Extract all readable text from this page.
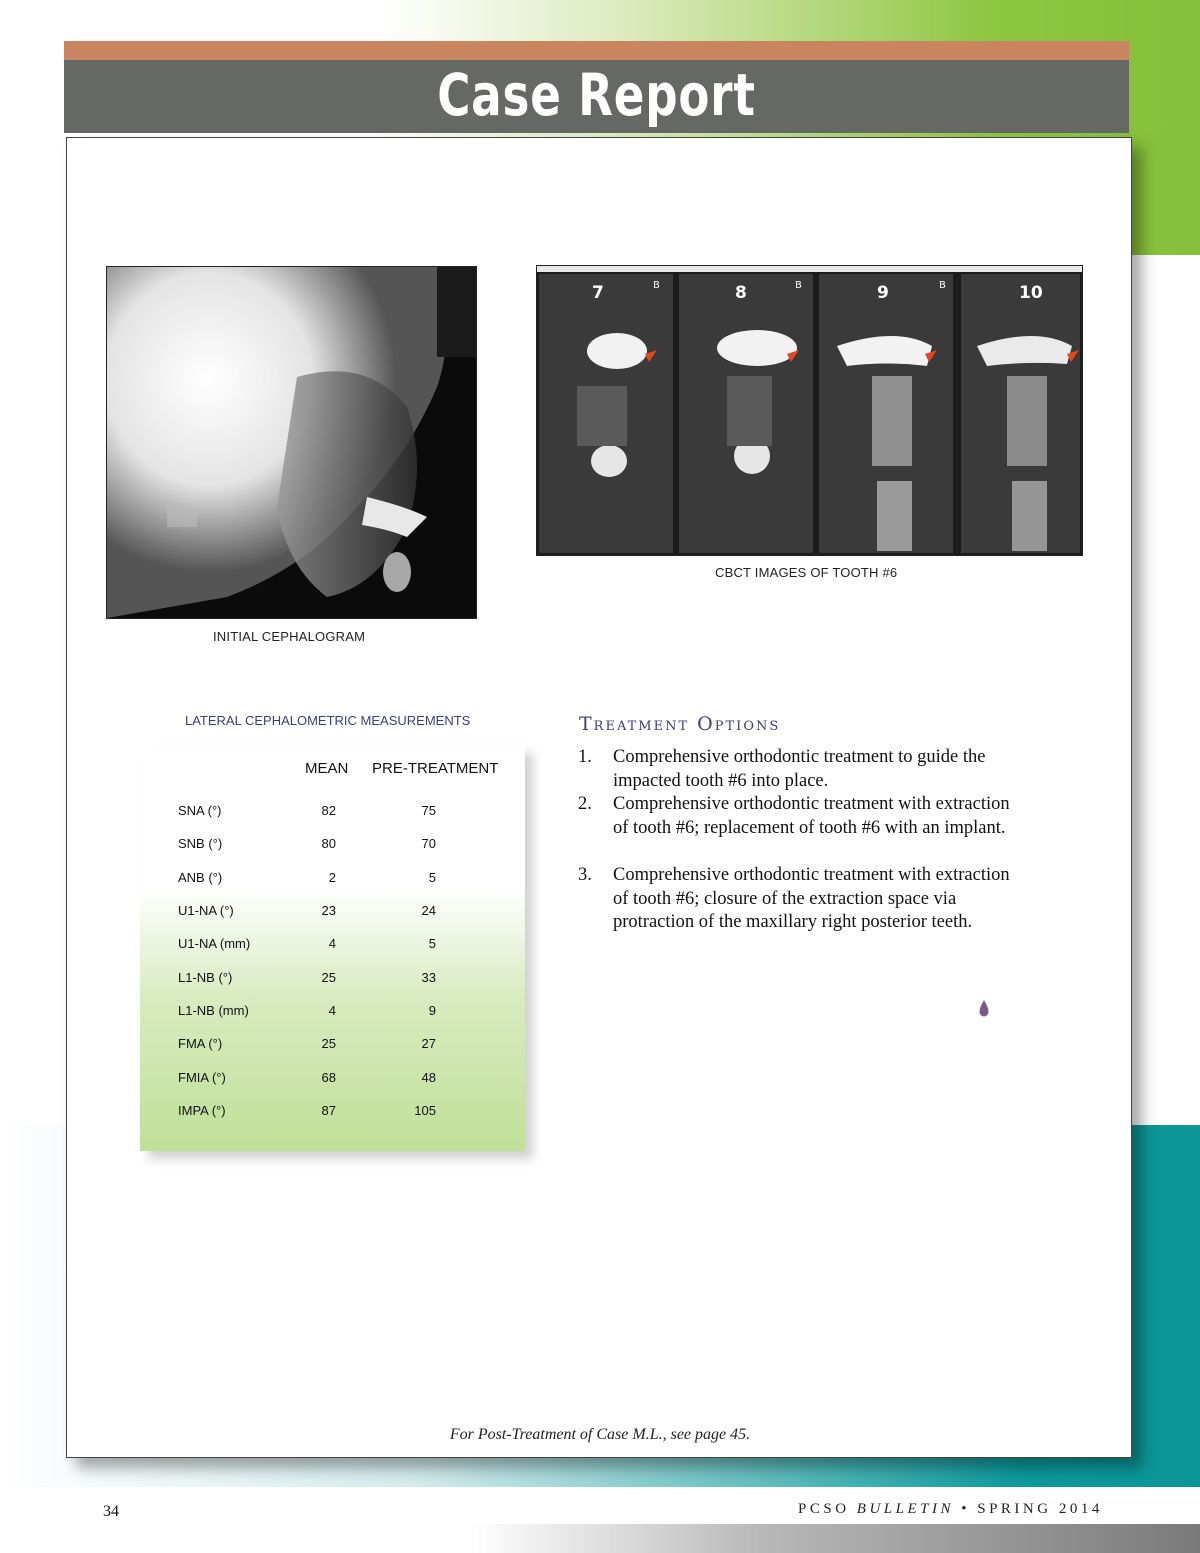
Case Report
INITIAL CEPHALOGRAM
7	8	9	10
B	B	B
CBCT IMAGES OF TOOTH #6
LATERAL CEPHALOMETRIC MEASUREMENTS
MEAN PRE-TREATMENT
SNA (°)	82	75
SNB (°)	80	70
ANB (°)	2	5
U1-NA (°)	23	24
U1-NA (mm)	4	5
L1-NB (°)	25	33
L1-NB (mm)	4	9
FMA (°)	25	27
FMIA (°)	68	48
IMPA (°)	87	105
Treatment Options
1. Comprehensive orthodontic treatment to guide the impacted tooth #6 into place.
2. Comprehensive orthodontic treatment with extraction of tooth #6; replacement of tooth #6 with an implant.
3. Comprehensive orthodontic treatment with extraction of tooth #6; closure of the extraction space via protraction of the maxillary right posterior teeth.
For Post-Treatment of Case M.L., see page 45.
34	PCSO BULLETIN • SPRING 2014
